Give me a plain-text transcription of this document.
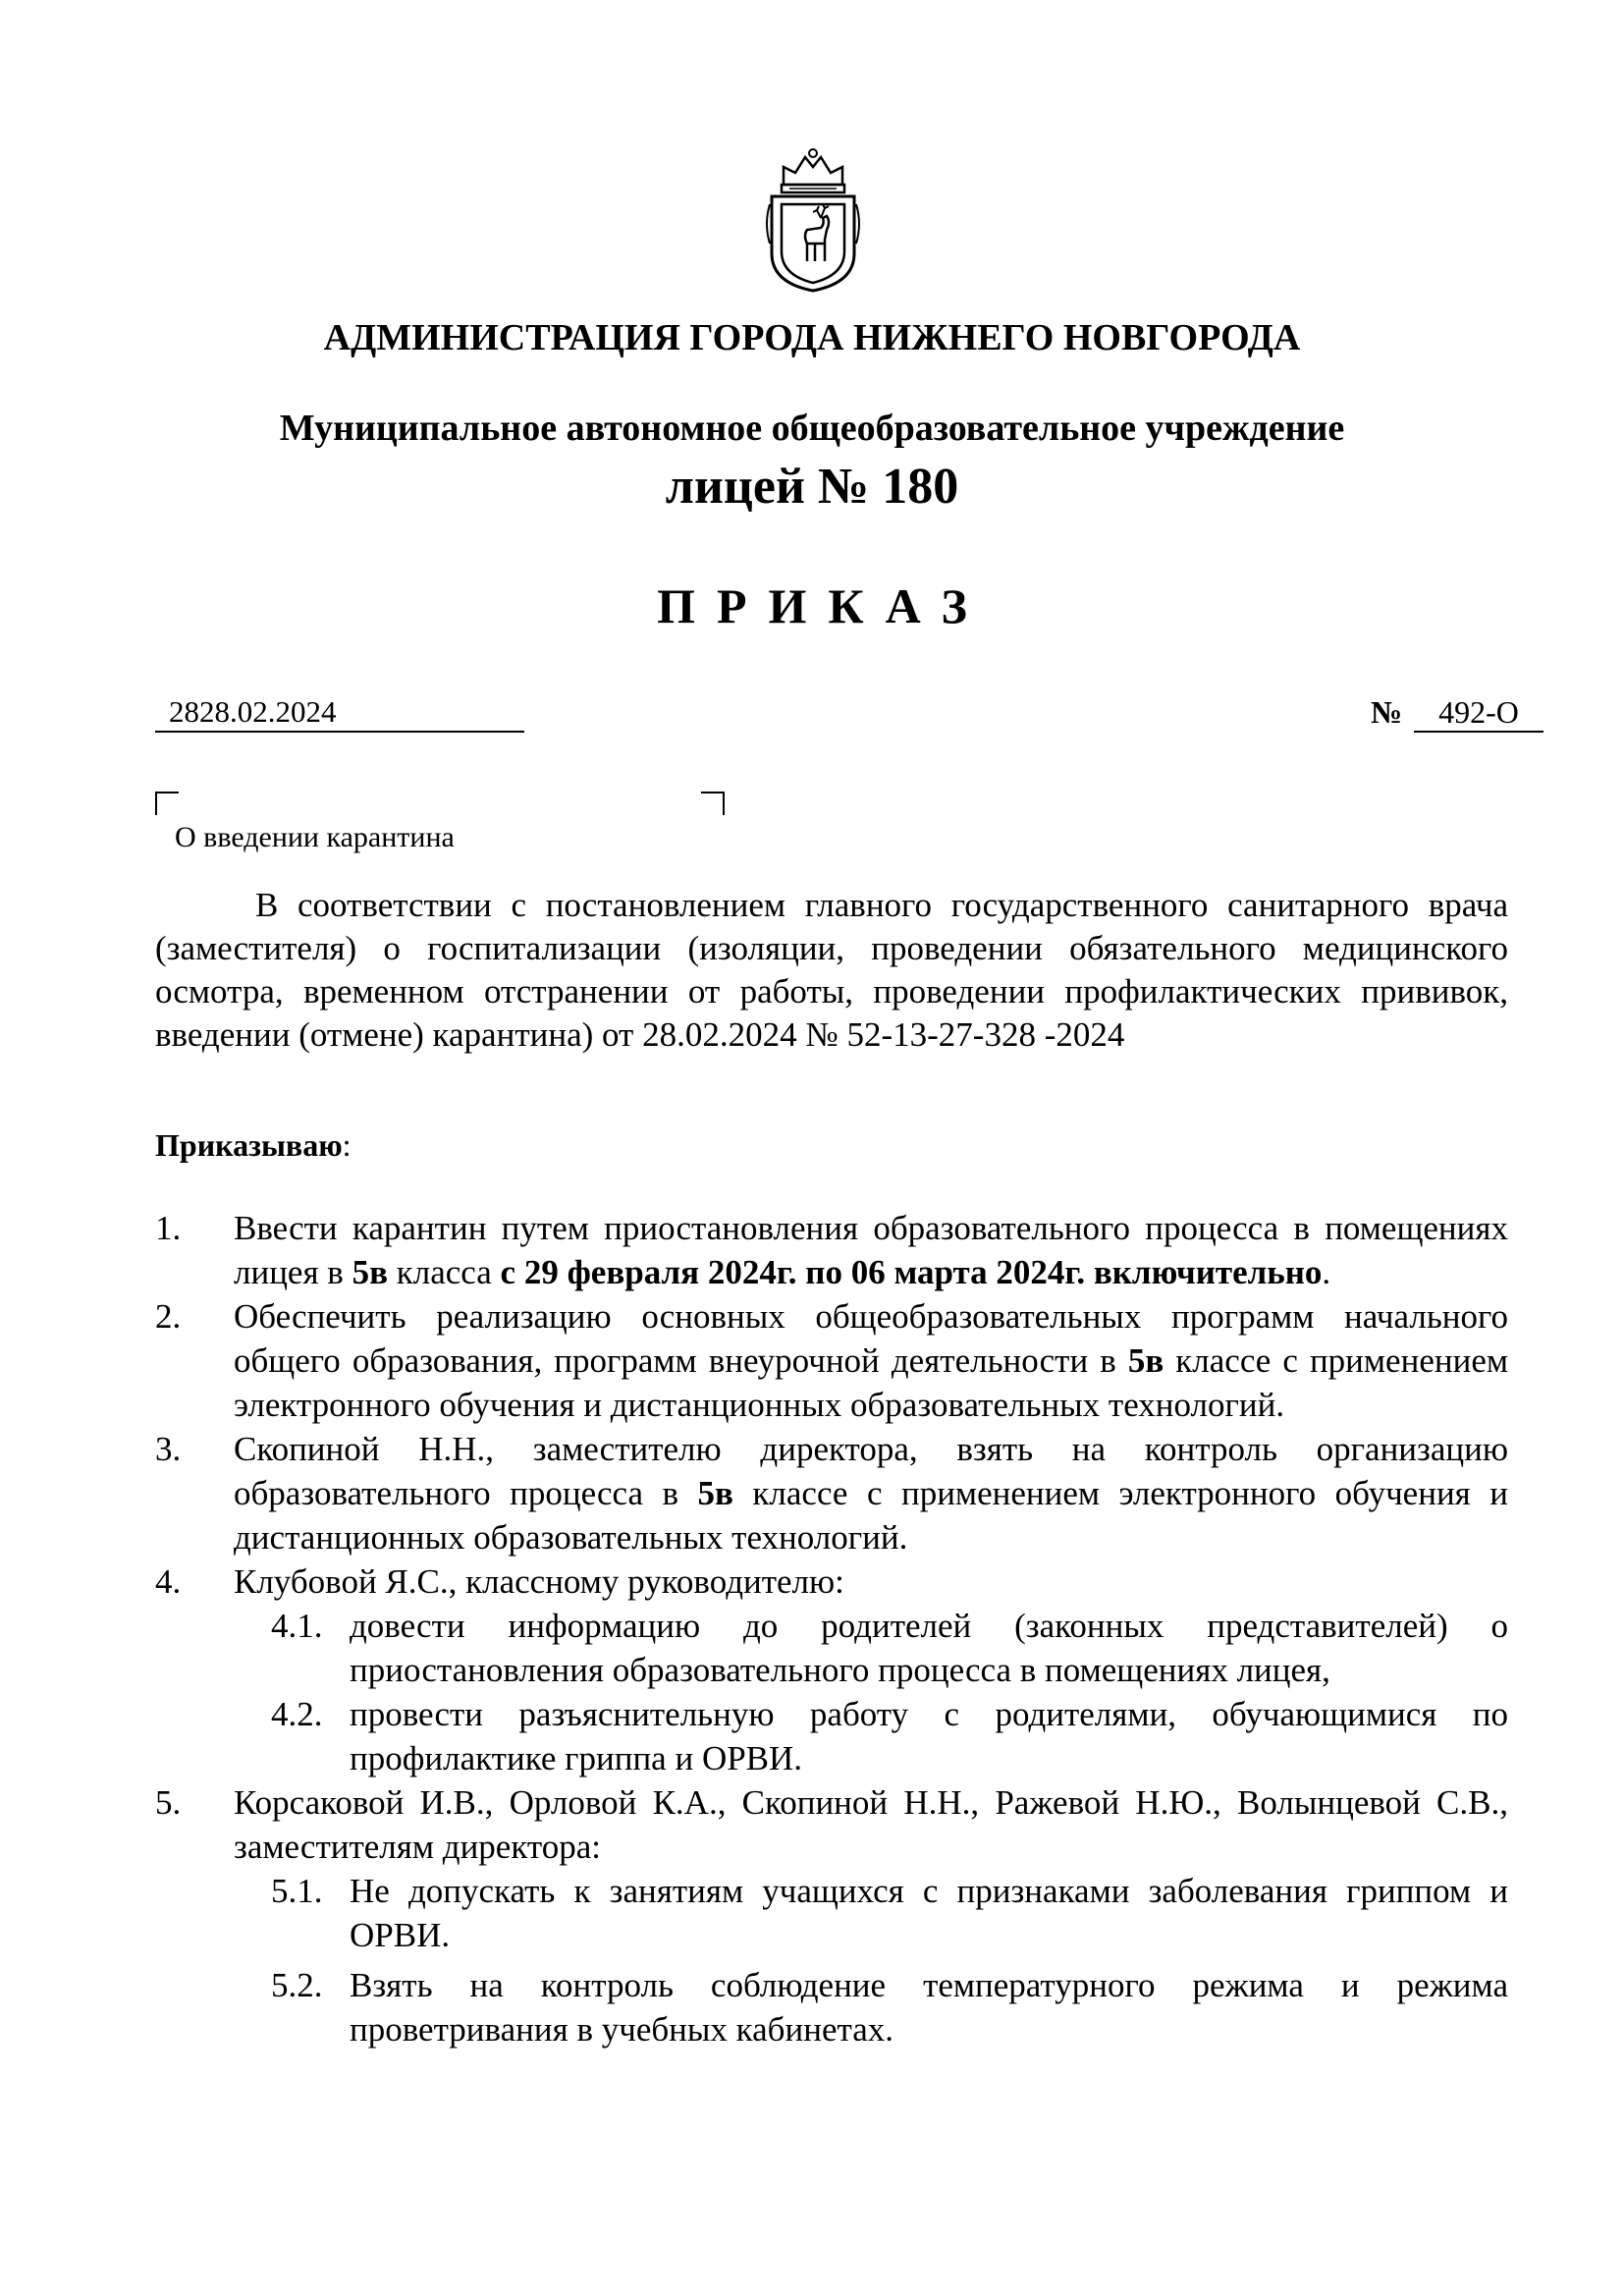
АДМИНИСТРАЦИЯ ГОРОДА НИЖНЕГО НОВГОРОДА
Муниципальное автономное общеобразовательное учреждение
лицей № 180
ПРИКАЗ
2828.02.2024	№ 492-О
О введении карантина
В соответствии с постановлением главного государственного санитарного врача (заместителя) о госпитализации (изоляции, проведении обязательного медицинского осмотра, временном отстранении от работы, проведении профилактических прививок, введении (отмене) карантина) от 28.02.2024 № 52-13-27-328 -2024
Приказываю:
1. Ввести карантин путем приостановления образовательного процесса в помещениях лицея в 5в класса с 29 февраля 2024г. по 06 марта 2024г. включительно.
2. Обеспечить реализацию основных общеобразовательных программ начального общего образования, программ внеурочной деятельности в 5в классе с применением электронного обучения и дистанционных образовательных технологий.
3. Скопиной Н.Н., заместителю директора, взять на контроль организацию образовательного процесса в 5в классе с применением электронного обучения и дистанционных образовательных технологий.
4. Клубовой Я.С., классному руководителю:
4.1. довести информацию до родителей (законных представителей) о приостановления образовательного процесса в помещениях лицея,
4.2. провести разъяснительную работу с родителями, обучающимися по профилактике гриппа и ОРВИ.
5. Корсаковой И.В., Орловой К.А., Скопиной Н.Н., Ражевой Н.Ю., Волынцевой С.В., заместителям директора:
5.1. Не допускать к занятиям учащихся с признаками заболевания гриппом и ОРВИ.
5.2. Взять на контроль соблюдение температурного режима и режима проветривания в учебных кабинетах.
